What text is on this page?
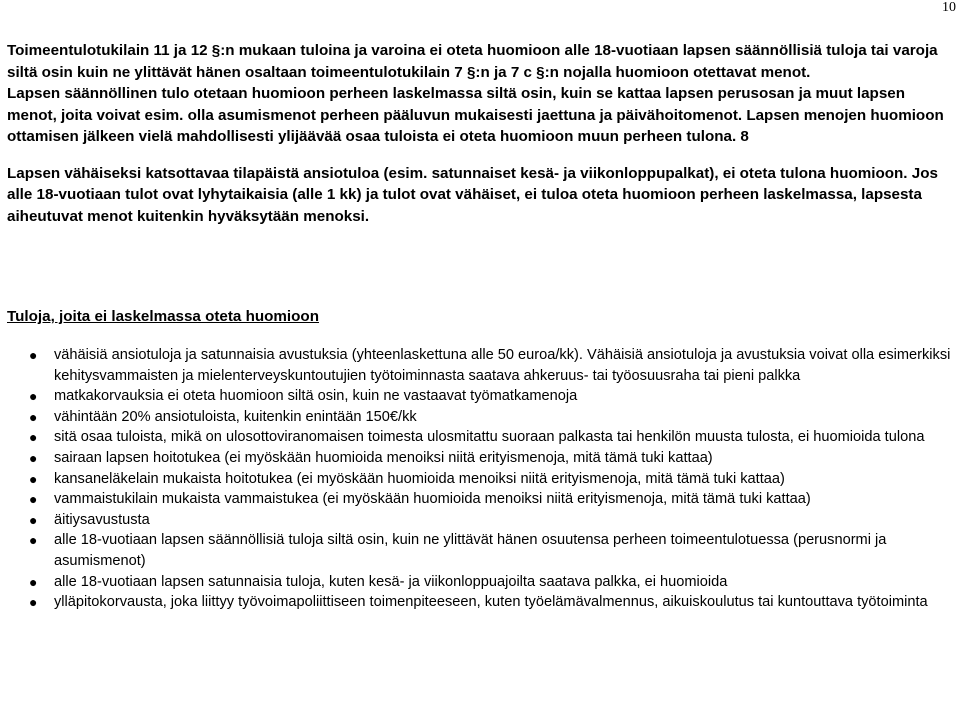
10

Toimeentulotukilain 11 ja 12 §:n mukaan tuloina ja varoina ei oteta huomioon alle 18-vuotiaan lapsen säännöllisiä tuloja tai varoja siltä osin kuin ne ylittävät hänen osaltaan toimeentulotukilain 7 §:n ja 7 c §:n nojalla huomioon otettavat menot.

Lapsen säännöllinen tulo otetaan huomioon perheen laskelmassa siltä osin, kuin se kattaa lapsen perusosan ja muut lapsen menot, joita voivat esim. olla asumismenot perheen pääluvun mukaisesti jaettuna ja päivähoitomenot. Lapsen menojen huomioon ottamisen jälkeen vielä mahdollisesti ylijäävää osaa tuloista ei oteta huomioon muun perheen tulona. 8

Lapsen vähäiseksi katsottavaa tilapäistä ansiotuloa (esim. satunnaiset kesä- ja viikonloppupalkat), ei oteta tulona huomioon. Jos alle 18-vuotiaan tulot ovat lyhytaikaisia (alle 1 kk) ja tulot ovat vähäiset, ei tuloa oteta huomioon perheen laskelmassa, lapsesta aiheutuvat menot kuitenkin hyväksytään menoksi.

Tuloja, joita ei laskelmassa oteta huomioon
● vähäisiä ansiotuloja ja satunnaisia avustuksia (yhteenlaskettuna alle 50 euroa/kk). Vähäisiä ansiotuloja ja avustuksia voivat olla esimerkiksi kehitysvammaisten ja mielenterveyskuntoutujien työtoiminnasta saatava ahkeruus- tai työosuusraha tai pieni palkka
● matkakorvauksia ei oteta huomioon siltä osin, kuin ne vastaavat työmatkamenoja
● vähintään 20% ansiotuloista, kuitenkin enintään 150€/kk
● sitä osaa tuloista, mikä on ulosottoviranomaisen toimesta ulosmitattu suoraan palkasta tai henkilön muusta tulosta, ei huomioida tulona
● sairaan lapsen hoitotukea (ei myöskään huomioida menoiksi niitä erityismenoja, mitä tämä tuki kattaa)
● kansaneläkelain mukaista hoitotukea (ei myöskään huomioida menoiksi niitä erityismenoja, mitä tämä tuki kattaa)
● vammaistukilain mukaista vammaistukea (ei myöskään huomioida menoiksi niitä erityismenoja, mitä tämä tuki kattaa)
● äitiysavustusta
● alle 18-vuotiaan lapsen säännöllisiä tuloja siltä osin, kuin ne ylittävät hänen osuutensa perheen toimeentulotuessa (perusnormi ja asumismenot)
● alle 18-vuotiaan lapsen satunnaisia tuloja, kuten kesä- ja viikonloppuajoilta saatava palkka, ei huomioida
● ylläpitokorvausta, joka liittyy työvoimapoliittiseen toimenpiteeseen, kuten työelämävalmennus, aikuiskoulutus tai kuntouttava työtoiminta
